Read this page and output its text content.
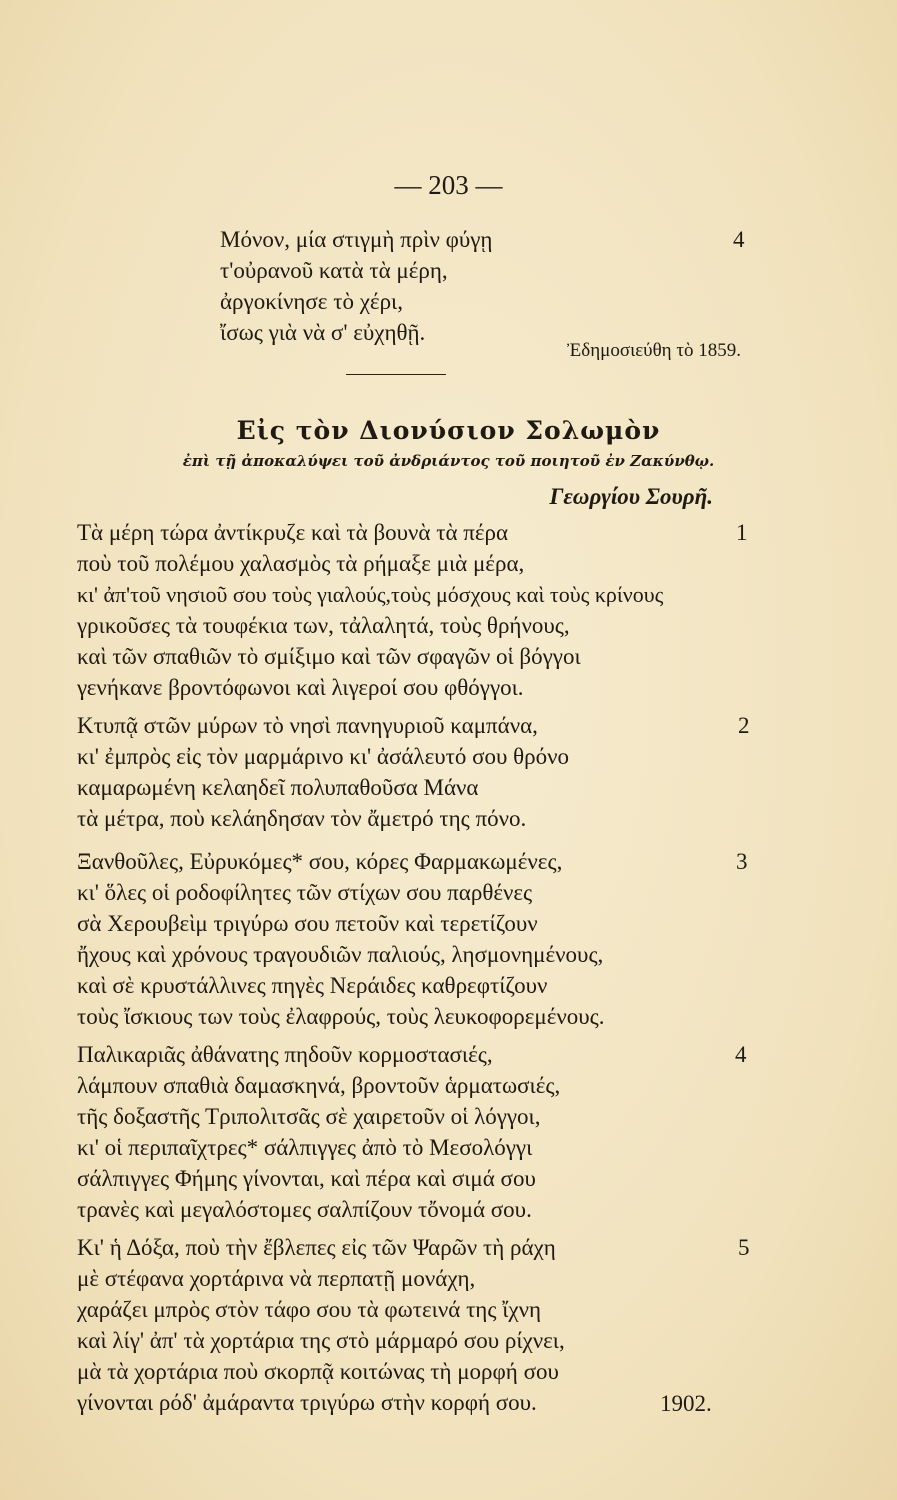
— 203 —
Μόνον, μία στιγμὴ πρὶν φύγῃ	4
τ'οὐρανοῦ κατὰ τὰ μέρη,
ἀργοκίνησε τὸ χέρι,
ἴσως γιὰ νὰ σ' εὐχηθῇ.
Ἐδημοσιεύθη τὸ 1859.
Εἰς τὸν Διονύσιον Σολωμὸν
ἐπὶ τῇ ἀποκαλύψει τοῦ ἀνδριάντος τοῦ ποιητοῦ ἐν Ζακύνθῳ.
Γεωργίου Σουρῆ.
1
Τὰ μέρη τώρα ἀντίκρυζε καὶ τὰ βουνὰ τὰ πέρα
ποὺ τοῦ πολέμου χαλασμὸς τὰ ρήμαξε μιὰ μέρα,
κι' ἀπ'τοῦ νησιοῦ σου τοὺς γιαλούς,τοὺς μόσχους καὶ τοὺς κρίνους
γρικοῦσες τὰ τουφέκια των, τἀλαλητά, τοὺς θρήνους,
καὶ τῶν σπαθιῶν τὸ σμίξιμο καὶ τῶν σφαγῶν οἱ βόγγοι
γενήκανε βροντόφωνοι καὶ λιγεροί σου φθόγγοι.
2
Κτυπᾷ στῶν μύρων τὸ νησὶ πανηγυριοῦ καμπάνα,
κι' ἐμπρὸς εἰς τὸν μαρμάρινο κι' ἀσάλευτό σου θρόνο
καμαρωμένη κελαηδεῖ πολυπαθοῦσα Μάνα
τὰ μέτρα, ποὺ κελάηδησαν τὸν ἄμετρό της πόνο.
3
Ξανθοῦλες, Εὐρυκόμες* σου, κόρες Φαρμακωμένες,
κι' ὅλες οἱ ροδοφίλητες τῶν στίχων σου παρθένες
σὰ Χερουβεὶμ τριγύρω σου πετοῦν καὶ τερετίζουν
ἤχους καὶ χρόνους τραγουδιῶν παλιούς, λησμονημένους,
καὶ σὲ κρυστάλλινες πηγὲς Νεράιδες καθρεφτίζουν
τοὺς ἴσκιους των τοὺς ἐλαφρούς, τοὺς λευκοφορεμένους.
4
Παλικαριᾶς ἀθάνατης πηδοῦν κορμοστασιές,
λάμπουν σπαθιὰ δαμασκηνά, βροντοῦν ἁρματωσιές,
τῆς δοξαστῆς Τριπολιτσᾶς σὲ χαιρετοῦν οἱ λόγγοι,
κι' οἱ περιπαῖχτρες* σάλπιγγες ἀπὸ τὸ Μεσολόγγι
σάλπιγγες Φήμης γίνονται, καὶ πέρα καὶ σιμά σου
τρανὲς καὶ μεγαλόστομες σαλπίζουν τὄνομά σου.
5
Κι' ἡ Δόξα, ποὺ τὴν ἔβλεπες εἰς τῶν Ψαρῶν τὴ ράχη
μὲ στέφανα χορτάρινα νὰ περπατῇ μονάχη,
χαράζει μπρὸς στὸν τάφο σου τὰ φωτεινά της ἴχνη
καὶ λίγ' ἀπ' τὰ χορτάρια της στὸ μάρμαρό σου ρίχνει,
μὰ τὰ χορτάρια ποὺ σκορπᾷ κοιτώνας τὴ μορφή σου
γίνονται ρόδ' ἀμάραντα τριγύρω στὴν κορφή σου.	1902.
